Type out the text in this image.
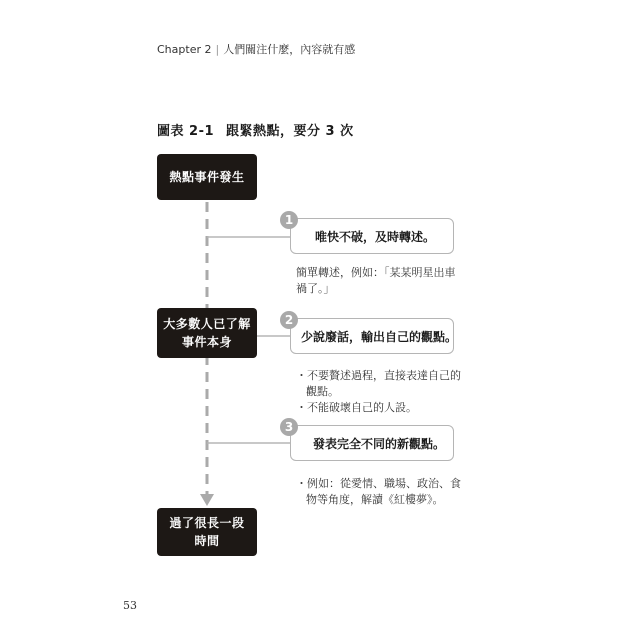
Chapter 2 | 人們關注什麼，內容就有感
圖表 2-1 跟緊熱點，要分 3 次
熱點事件發生
大多數人已了解
事件本身
過了很長一段
時間
唯快不破，及時轉述。
1
簡單轉述，例如：「某某明星出車
禍了。」
少說廢話，輸出自己的觀點。
2
・不要贅述過程，直接表達自己的
觀點。
・不能破壞自己的人設。
發表完全不同的新觀點。
3
・例如：從愛情、職場、政治、食
物等角度，解讀《紅樓夢》。
53
